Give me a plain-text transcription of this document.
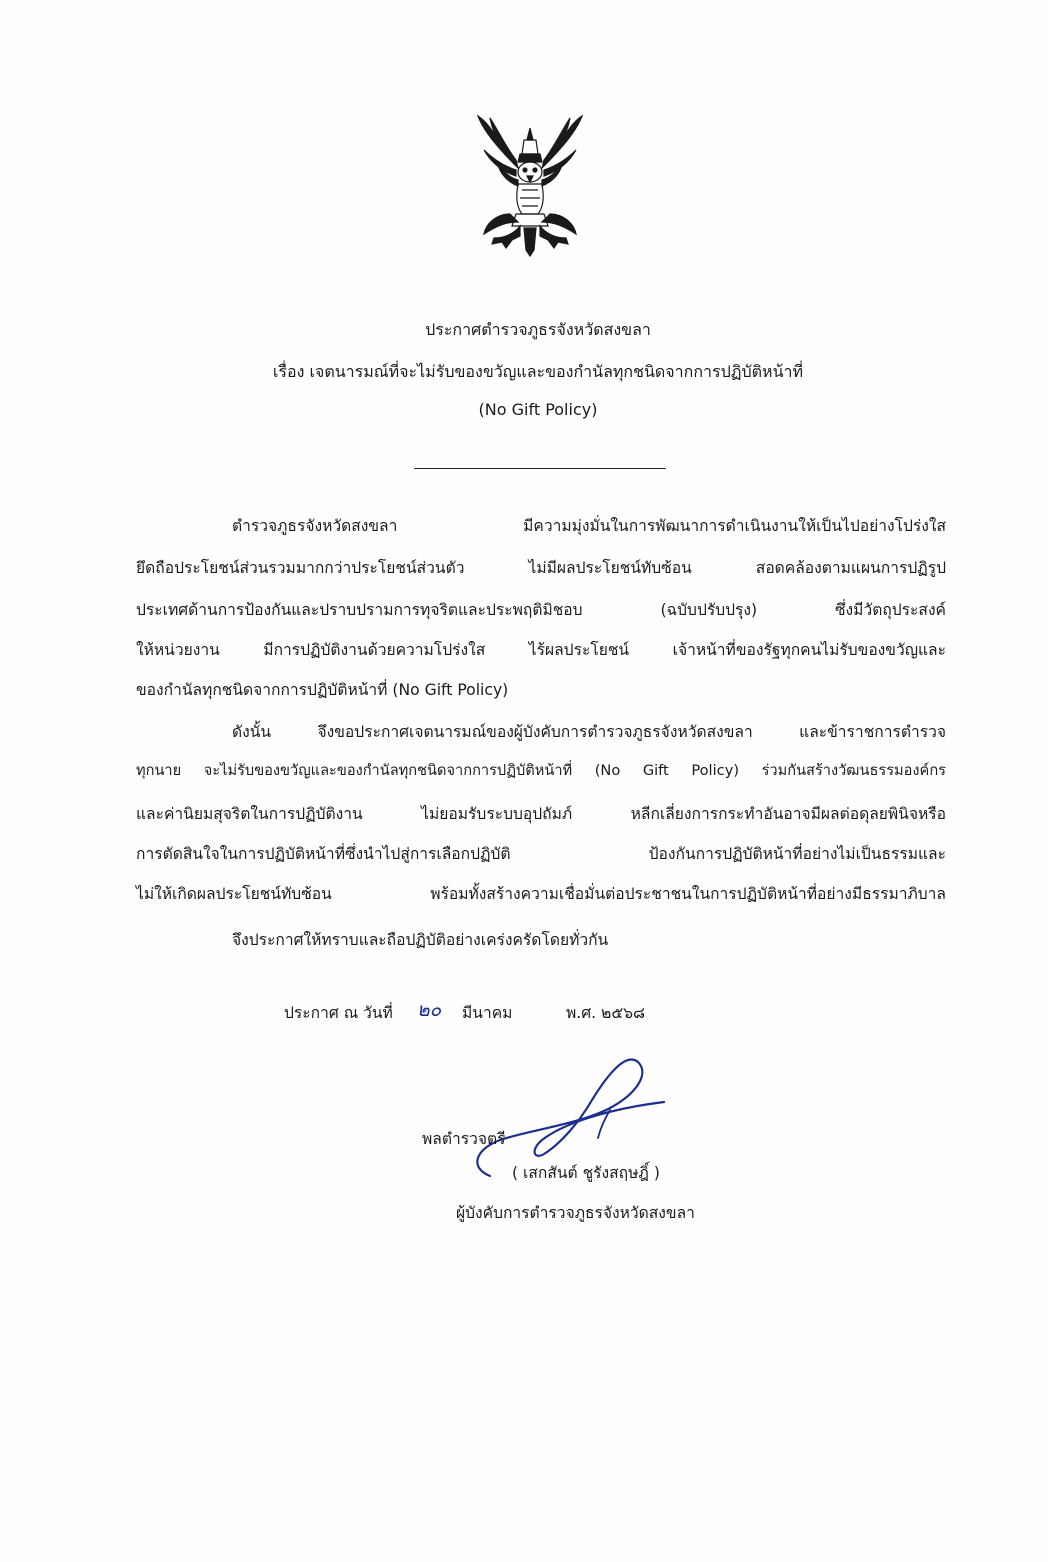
ประกาศตำรวจภูธรจังหวัดสงขลา
เรื่อง เจตนารมณ์ที่จะไม่รับของขวัญและของกำนัลทุกชนิดจากการปฏิบัติหน้าที่
(No Gift Policy)
ตำรวจภูธรจังหวัดสงขลา มีความมุ่งมั่นในการพัฒนาการดำเนินงานให้เป็นไปอย่างโปร่งใส
ยึดถือประโยชน์ส่วนรวมมากกว่าประโยชน์ส่วนตัว ไม่มีผลประโยชน์ทับซ้อน สอดคล้องตามแผนการปฏิรูป
ประเทศด้านการป้องกันและปราบปรามการทุจริตและประพฤติมิชอบ (ฉบับปรับปรุง) ซึ่งมีวัตถุประสงค์
ให้หน่วยงาน มีการปฏิบัติงานด้วยความโปร่งใส ไร้ผลประโยชน์ เจ้าหน้าที่ของรัฐทุกคนไม่รับของขวัญและ
ของกำนัลทุกชนิดจากการปฏิบัติหน้าที่ (No Gift Policy)
ดังนั้น จึงขอประกาศเจตนารมณ์ของผู้บังคับการตำรวจภูธรจังหวัดสงขลา และข้าราชการตำรวจ
ทุกนาย จะไม่รับของขวัญและของกำนัลทุกชนิดจากการปฏิบัติหน้าที่ (No Gift Policy) ร่วมกันสร้างวัฒนธรรมองค์กร
และค่านิยมสุจริตในการปฏิบัติงาน ไม่ยอมรับระบบอุปถัมภ์ หลีกเลี่ยงการกระทำอันอาจมีผลต่อดุลยพินิจหรือ
การตัดสินใจในการปฏิบัติหน้าที่ซึ่งนำไปสู่การเลือกปฏิบัติ ป้องกันการปฏิบัติหน้าที่อย่างไม่เป็นธรรมและ
ไม่ให้เกิดผลประโยชน์ทับซ้อน พร้อมทั้งสร้างความเชื่อมั่นต่อประชาชนในการปฏิบัติหน้าที่อย่างมีธรรมาภิบาล
จึงประกาศให้ทราบและถือปฏิบัติอย่างเคร่งครัดโดยทั่วกัน
ประกาศ ณ วันที่ ๒๐ มีนาคม	พ.ศ. ๒๕๖๘
พลตำรวจตรี
( เสกสันต์ ชูรังสฤษฎิ์ )
ผู้บังคับการตำรวจภูธรจังหวัดสงขลา
